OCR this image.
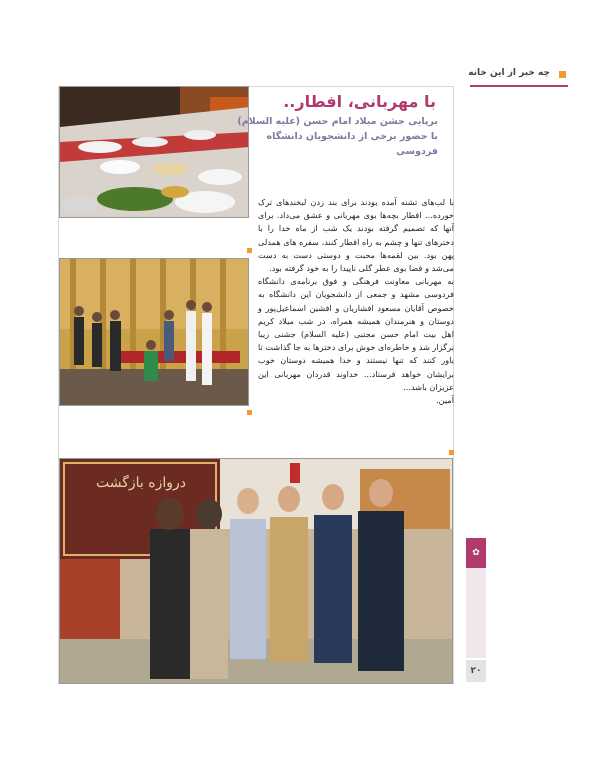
چه خبر از این خانه
با مهربانی، افطار..
برپایی جشن میلاد امام حسن (علیه السلام) با حضور برخی از دانشجویان دانشگاه فردوسی

با لب‌های تشنه آمده بودند برای بند زدن لبخندهای ترک خورده... افطار بچه‌ها بوی مهربانی و عشق می‌داد. برای آنها که تصمیم گرفته بودند یک شب از ماه خدا را با دخترهای تنها و چشم به راه افطار کنند، سفره های همدلی پهن بود. بین لقمه‌ها محبت و دوستی دست به دست می‌شد و فضا بوی عطر گلی ناپیدا را به خود گرفته بود.

به مهربانی معاونت فرهنگی و فوق برنامه‌ی دانشگاه فردوسی مشهد و جمعی از دانشجویان این دانشگاه به خصوص آقایان مسعود افشاریان و افشین اسماعیل‌پور و دوستان و هنرمندان همیشه همراه، در شب میلاد کریم اهل بیت امام حسن مجتبی (علیه السلام) جشنی زیبا برگزار شد و خاطره‌ای خوش برای دخترها به جا گذاشت تا باور کنند که تنها نیستند و خدا همیشه دوستان خوب برایشان خواهد فرستاد... خداوند قدردان مهربانی این عزیزان باشد...

آمین.

دروازه بازگشت
✿
۲۰
